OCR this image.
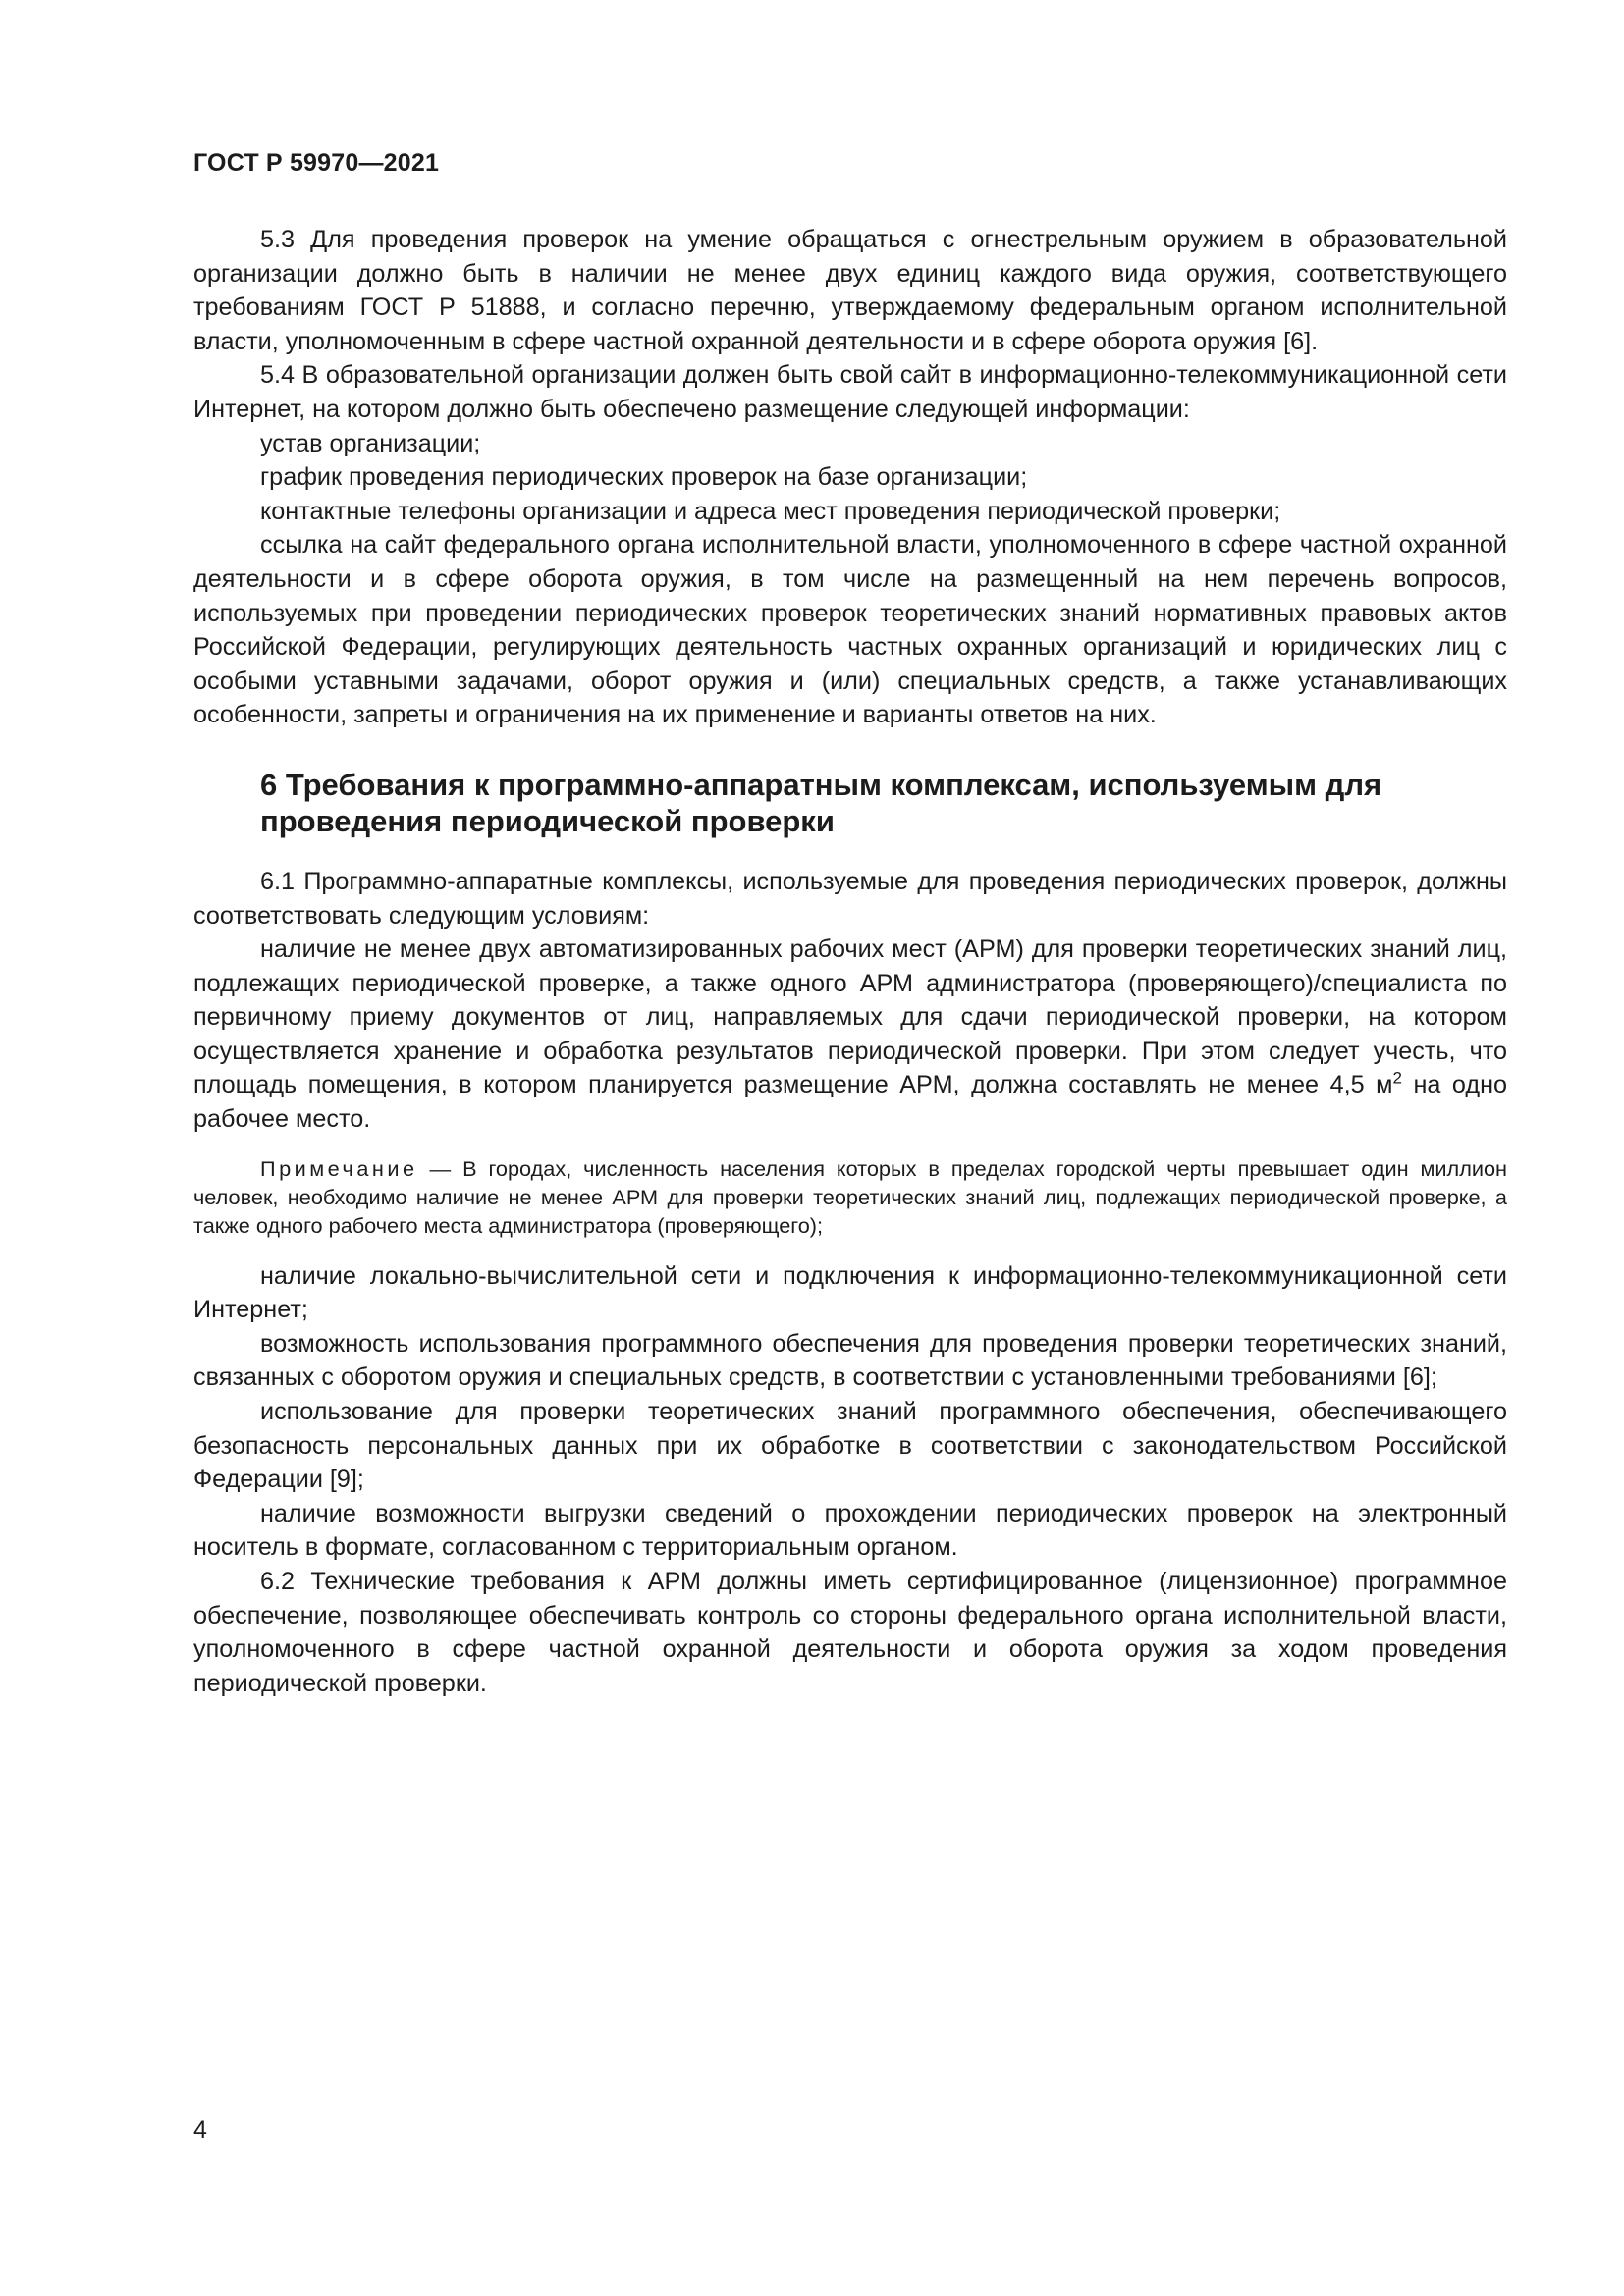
ГОСТ Р 59970—2021

5.3 Для проведения проверок на умение обращаться с огнестрельным оружием в образовательной организации должно быть в наличии не менее двух единиц каждого вида оружия, соответствующего требованиям ГОСТ Р 51888, и согласно перечню, утверждаемому федеральным органом исполнительной власти, уполномоченным в сфере частной охранной деятельности и в сфере оборота оружия [6].

5.4 В образовательной организации должен быть свой сайт в информационно-телекоммуникационной сети Интернет, на котором должно быть обеспечено размещение следующей информации:

устав организации;

график проведения периодических проверок на базе организации;

контактные телефоны организации и адреса мест проведения периодической проверки;

ссылка на сайт федерального органа исполнительной власти, уполномоченного в сфере частной охранной деятельности и в сфере оборота оружия, в том числе на размещенный на нем перечень вопросов, используемых при проведении периодических проверок теоретических знаний нормативных правовых актов Российской Федерации, регулирующих деятельность частных охранных организаций и юридических лиц с особыми уставными задачами, оборот оружия и (или) специальных средств, а также устанавливающих особенности, запреты и ограничения на их применение и варианты ответов на них.

6 Требования к программно-аппаратным комплексам, используемым для проведения периодической проверки

6.1 Программно-аппаратные комплексы, используемые для проведения периодических проверок, должны соответствовать следующим условиям:

наличие не менее двух автоматизированных рабочих мест (АРМ) для проверки теоретических знаний лиц, подлежащих периодической проверке, а также одного АРМ администратора (проверяющего)/специалиста по первичному приему документов от лиц, направляемых для сдачи периодической проверки, на котором осуществляется хранение и обработка результатов периодической проверки. При этом следует учесть, что площадь помещения, в котором планируется размещение АРМ, должна составлять не менее 4,5 $м^2$ на одно рабочее место.

Примечание — В городах, численность населения которых в пределах городской черты превышает один миллион человек, необходимо наличие не менее АРМ для проверки теоретических знаний лиц, подлежащих периодической проверке, а также одного рабочего места администратора (проверяющего);

наличие локально-вычислительной сети и подключения к информационно-телекоммуникационной сети Интернет;

возможность использования программного обеспечения для проведения проверки теоретических знаний, связанных с оборотом оружия и специальных средств, в соответствии с установленными требованиями [6];

использование для проверки теоретических знаний программного обеспечения, обеспечивающего безопасность персональных данных при их обработке в соответствии с законодательством Российской Федерации [9];

наличие возможности выгрузки сведений о прохождении периодических проверок на электронный носитель в формате, согласованном с территориальным органом.

6.2 Технические требования к АРМ должны иметь сертифицированное (лицензионное) программное обеспечение, позволяющее обеспечивать контроль со стороны федерального органа исполнительной власти, уполномоченного в сфере частной охранной деятельности и оборота оружия за ходом проведения периодической проверки.

4
